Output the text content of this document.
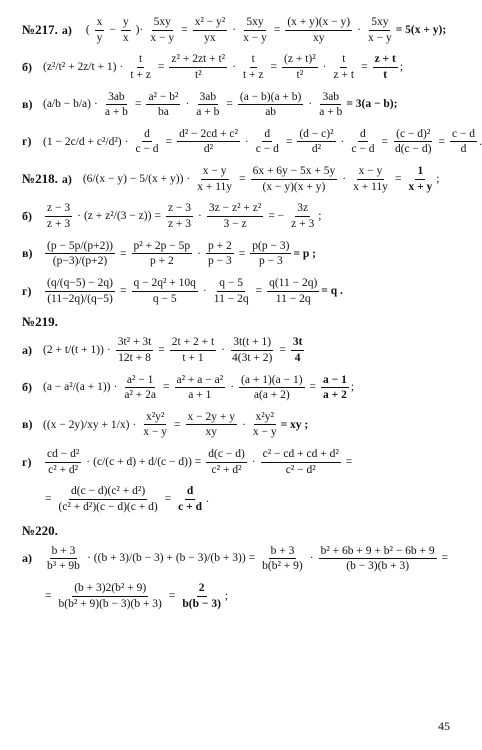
№217. а)	( $\frac{x}{y} - \frac{y}{x}$ )· $\frac{5xy}{x - y} = \frac{\text{x² − y²}}{yx} \cdot \frac{5xy}{x - y} = \frac{(x + y)(x - y)}{xy} \cdot \frac{5xy}{x - y} = 5(x + y)$;
б) $(z^2/t^2 + 2z/t + 1) \cdot \frac{t}{t + z} = \frac{\text{z² + 2zt + t²}}{\text{t²}} \cdot \frac{t}{t + z} = \frac{\text{(z + t)²}}{\text{t²}} \cdot \frac{t}{z + t} = \frac{z + t}{t}$ ;
в) $(a/b - b/a) \cdot \frac{3ab}{a + b} = \frac{\text{a² − b²}}{ba} \cdot \frac{3ab}{a + b} = \frac{(a - b)(a + b)}{ab} \cdot \frac{3ab}{a + b} = 3(a - b)$;
г)	$(1 - 2c/d + c^2/d^2) \cdot \frac{d}{c - d} = \frac{\text{d² − 2cd + c²}}{\text{d²}} \cdot \frac{d}{c - d} = \frac{\text{(d − c)²}}{\text{d²}} \cdot \frac{d}{c - d} = \frac{\text{(c − d)²}}{d(c - d)} = \frac{c - d}{d}$ .
№218. а) $(6/(x - y) - 5/(x + y)) \cdot \frac{x - y}{x + 11y} = \frac{6x + 6y - 5x + 5y}{(x - y)(x + y)} \cdot \frac{x - y}{x + 11y} = \frac{1}{x + y}$ ;
б)	$\frac{z - 3}{z + 3} \cdot (z + z^2/(3 - z)) = \frac{z - 3}{z + 3} \cdot \frac{\text{3z − z² + z²}}{3 - z}$ = − $\frac{3z}{z + 3}$ ;
в)	$\frac{(p - 5p/(p+2))}{(p-3)/(p+2)} = \frac{\text{p² + 2p − 5p}}{p + 2} \cdot \frac{p + 2}{p - 3} = \frac{p(p - 3)}{p - 3} = p$ ;
г)	$\frac{(q/(q-5) - 2q)}{(11-2q)/(q-5)} = \frac{\text{q − 2q² + 10q}}{q - 5} \cdot \frac{q - 5}{11 - 2q} = \frac{q(11 - 2q)}{11 - 2q} = q$ .
№219.
а) $(2 + t/(t + 1)) \cdot \frac{\text{3t² + 3t}}{12t + 8} = \frac{2t + 2 + t}{t + 1} \cdot \frac{3t(t + 1)}{4(3t + 2)} = \frac{3t}{4}$
б) $(a - a^2/(a + 1)) \cdot \frac{\text{a² − 1}}{\text{a² + 2a}} = \frac{\text{a² + a − a²}}{a + 1} \cdot \frac{(a + 1)(a - 1)}{a(a + 2)} = \frac{a - 1}{a + 2}$ ;
в) $((x - 2y)/xy + 1/x) \cdot \frac{\text{x²y²}}{x - y} = \frac{x - 2y + y}{xy} \cdot \frac{\text{x²y²}}{x - y}$ = xy ;
г)	$\frac{\text{cd − d²}}{\text{c² + d²}} \cdot (c/(c + d) + d/(c - d)) = \frac{d(c - d)}{\text{c² + d²}} \cdot \frac{\text{c² − cd + cd + d²}}{\text{c² − d²}}$ =
= $\frac{\text{d(c − d)(c² + d²)}}{\text{(c² + d²)(c − d)(c + d)}} = \frac{d}{c + d}$ .
№220.
а)	$\frac{b + 3}{\text{b³ + 9b}} \cdot ((b + 3)/(b - 3) + (b - 3)/(b + 3)) = \frac{b + 3}{\text{b(b² + 9)}} \cdot \frac{\text{b² + 6b + 9 + b² − 6b + 9}}{(b - 3)(b + 3)}$ =
= $\frac{\text{(b + 3)2(b² + 9)}}{\text{b(b² + 9)(b − 3)(b + 3)}} = \frac{2}{b(b - 3)}$ ;
45
